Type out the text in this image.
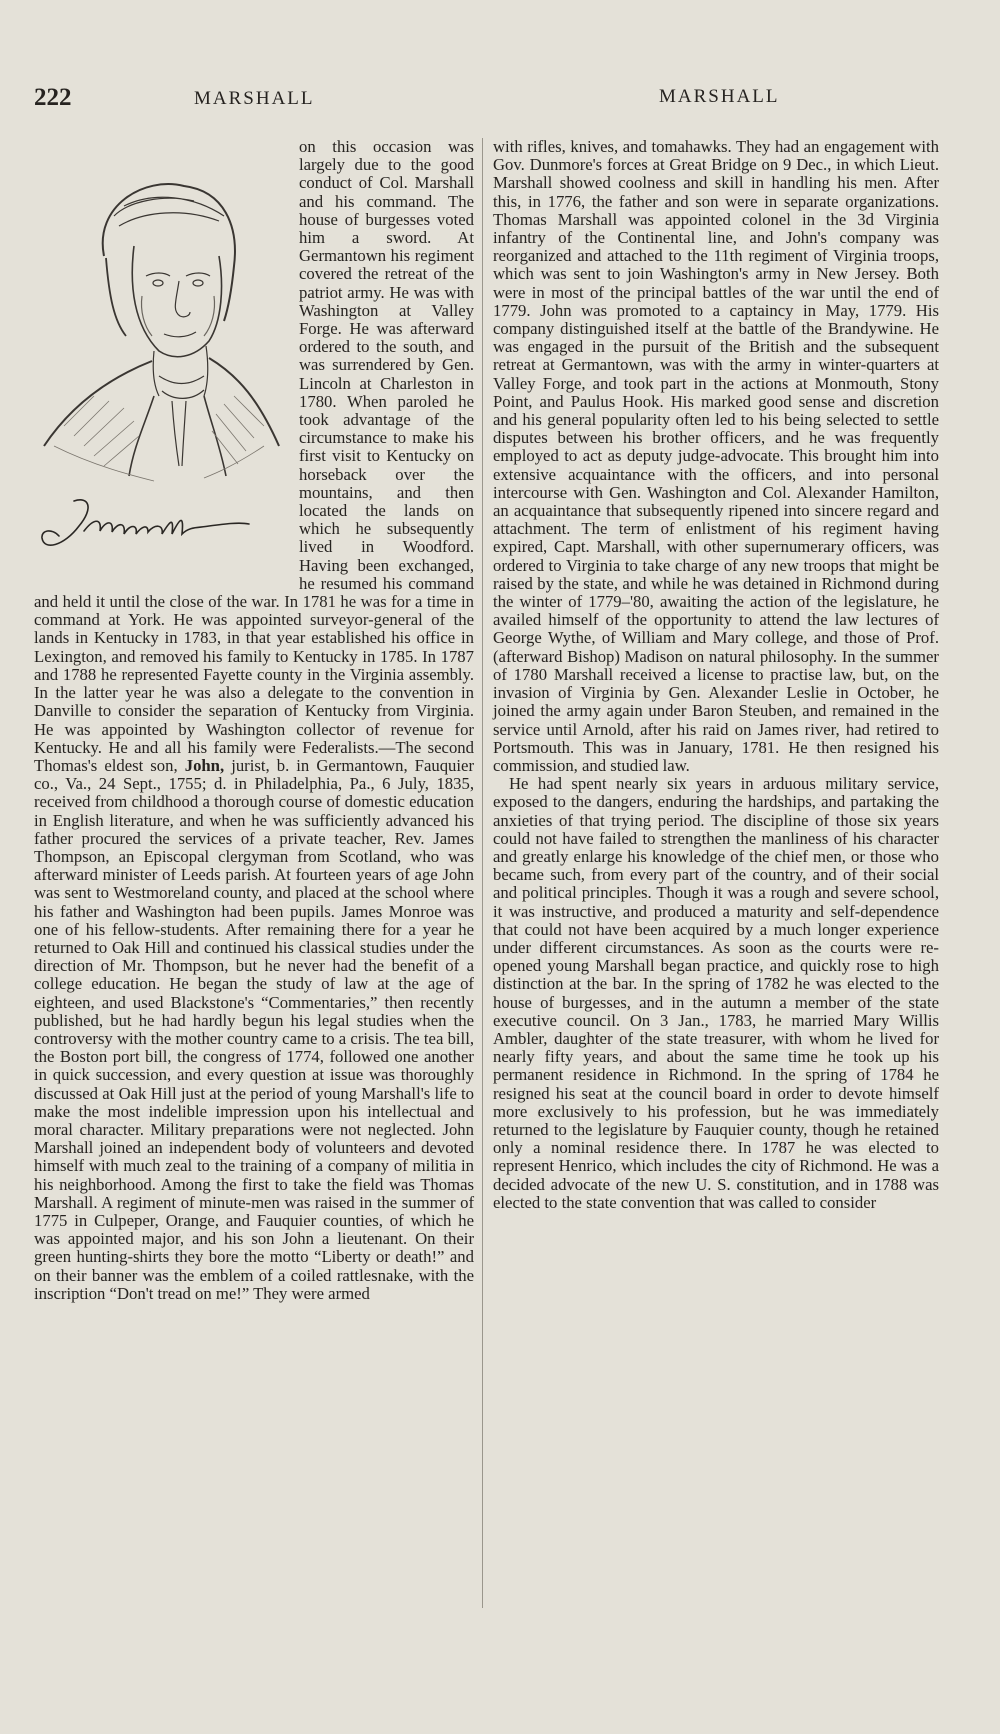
222	MARSHALL	MARSHALL

on this occasion was largely due to the good conduct of Col. Marshall and his command. The house of burgesses voted him a sword. At Germantown his regiment covered the retreat of the patriot army. He was with Washington at Valley Forge. He was afterward ordered to the south, and was surrendered by Gen. Lincoln at Charleston in 1780. When paroled he took advantage of the circumstance to make his first visit to Kentucky on horseback over the mountains, and then located the lands on which he subsequently lived in Woodford. Having been exchanged, he resumed his command and held it until the close of the war. In 1781 he was for a time in command at York. He was appointed surveyor-general of the lands in Kentucky in 1783, in that year established his office in Lexington, and removed his family to Kentucky in 1785. In 1787 and 1788 he represented Fayette county in the Virginia assembly. In the latter year he was also a delegate to the convention in Danville to consider the separation of Kentucky from Virginia. He was appointed by Washington collector of revenue for Kentucky. He and all his family were Federalists.—The second Thomas's eldest son, John, jurist, b. in Germantown, Fauquier co., Va., 24 Sept., 1755; d. in Philadelphia, Pa., 6 July, 1835, received from childhood a thorough course of domestic education in English literature, and when he was sufficiently advanced his father procured the services of a private teacher, Rev. James Thompson, an Episcopal clergyman from Scotland, who was afterward minister of Leeds parish. At fourteen years of age John was sent to Westmoreland county, and placed at the school where his father and Washington had been pupils. James Monroe was one of his fellow-students. After remaining there for a year he returned to Oak Hill and continued his classical studies under the direction of Mr. Thompson, but he never had the benefit of a college education. He began the study of law at the age of eighteen, and used Blackstone's “Commentaries,” then recently published, but he had hardly begun his legal studies when the controversy with the mother country came to a crisis. The tea bill, the Boston port bill, the congress of 1774, followed one another in quick succession, and every question at issue was thoroughly discussed at Oak Hill just at the period of young Marshall's life to make the most indelible impression upon his intellectual and moral character. Military preparations were not neglected. John Marshall joined an independent body of volunteers and devoted himself with much zeal to the training of a company of militia in his neighborhood. Among the first to take the field was Thomas Marshall. A regiment of minute-men was raised in the summer of 1775 in Culpeper, Orange, and Fauquier counties, of which he was appointed major, and his son John a lieutenant. On their green hunting-shirts they bore the motto “Liberty or death!” and on their banner was the emblem of a coiled rattlesnake, with the inscription “Don't tread on me!” They were armed

with rifles, knives, and tomahawks. They had an engagement with Gov. Dunmore's forces at Great Bridge on 9 Dec., in which Lieut. Marshall showed coolness and skill in handling his men. After this, in 1776, the father and son were in separate organizations. Thomas Marshall was appointed colonel in the 3d Virginia infantry of the Continental line, and John's company was reorganized and attached to the 11th regiment of Virginia troops, which was sent to join Washington's army in New Jersey. Both were in most of the principal battles of the war until the end of 1779. John was promoted to a captaincy in May, 1779. His company distinguished itself at the battle of the Brandywine. He was engaged in the pursuit of the British and the subsequent retreat at Germantown, was with the army in winter-quarters at Valley Forge, and took part in the actions at Monmouth, Stony Point, and Paulus Hook. His marked good sense and discretion and his general popularity often led to his being selected to settle disputes between his brother officers, and he was frequently employed to act as deputy judge-advocate. This brought him into extensive acquaintance with the officers, and into personal intercourse with Gen. Washington and Col. Alexander Hamilton, an acquaintance that subsequently ripened into sincere regard and attachment. The term of enlistment of his regiment having expired, Capt. Marshall, with other supernumerary officers, was ordered to Virginia to take charge of any new troops that might be raised by the state, and while he was detained in Richmond during the winter of 1779–'80, awaiting the action of the legislature, he availed himself of the opportunity to attend the law lectures of George Wythe, of William and Mary college, and those of Prof. (afterward Bishop) Madison on natural philosophy. In the summer of 1780 Marshall received a license to practise law, but, on the invasion of Virginia by Gen. Alexander Leslie in October, he joined the army again under Baron Steuben, and remained in the service until Arnold, after his raid on James river, had retired to Portsmouth. This was in January, 1781. He then resigned his commission, and studied law.

He had spent nearly six years in arduous military service, exposed to the dangers, enduring the hardships, and partaking the anxieties of that trying period. The discipline of those six years could not have failed to strengthen the manliness of his character and greatly enlarge his knowledge of the chief men, or those who became such, from every part of the country, and of their social and political principles. Though it was a rough and severe school, it was instructive, and produced a maturity and self-dependence that could not have been acquired by a much longer experience under different circumstances. As soon as the courts were re-opened young Marshall began practice, and quickly rose to high distinction at the bar. In the spring of 1782 he was elected to the house of burgesses, and in the autumn a member of the state executive council. On 3 Jan., 1783, he married Mary Willis Ambler, daughter of the state treasurer, with whom he lived for nearly fifty years, and about the same time he took up his permanent residence in Richmond. In the spring of 1784 he resigned his seat at the council board in order to devote himself more exclusively to his profession, but he was immediately returned to the legislature by Fauquier county, though he retained only a nominal residence there. In 1787 he was elected to represent Henrico, which includes the city of Richmond. He was a decided advocate of the new U. S. constitution, and in 1788 was elected to the state convention that was called to consider
